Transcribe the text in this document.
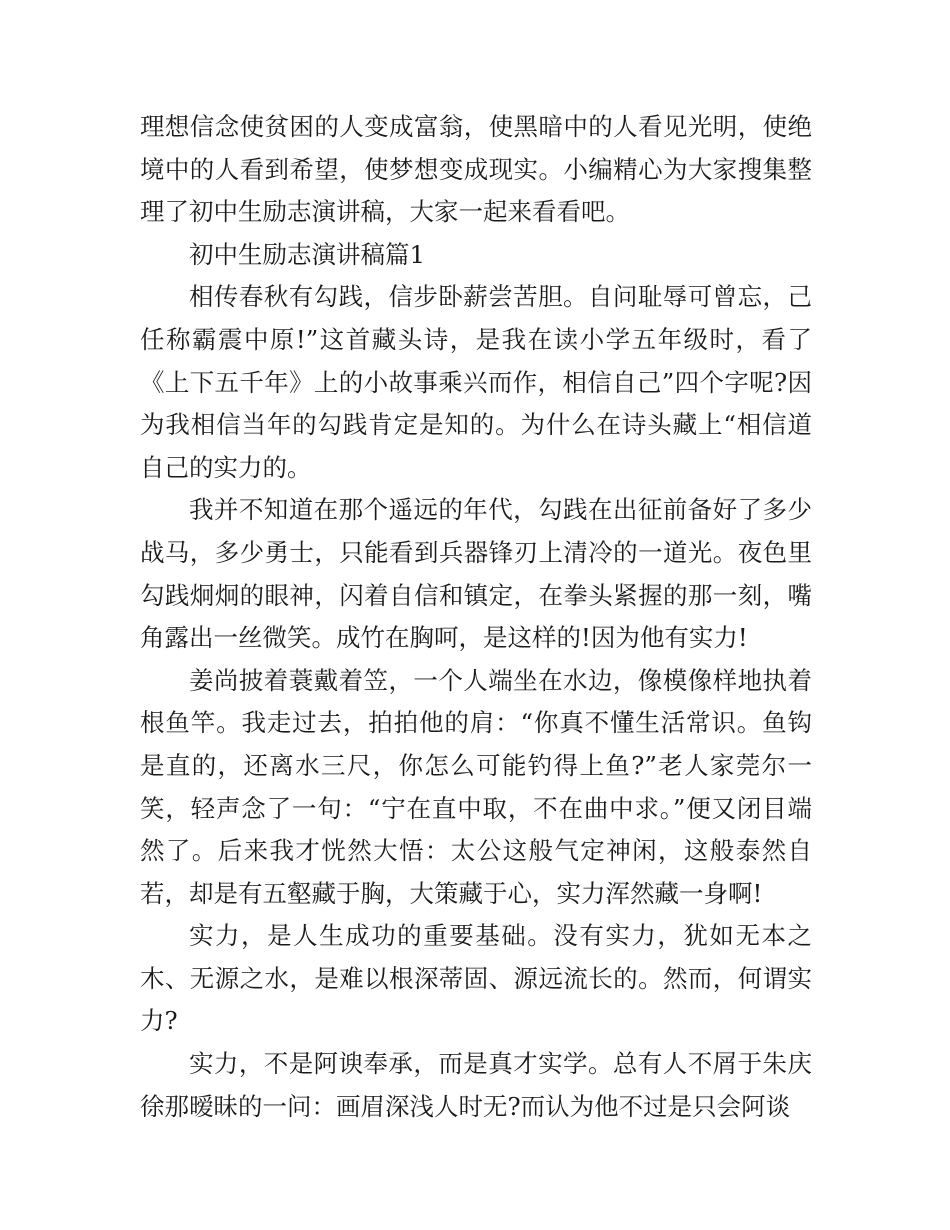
理想信念使贫困的人变成富翁，使黑暗中的人看见光明，使绝境中的人看到希望，使梦想变成现实。小编精心为大家搜集整理了初中生励志演讲稿，大家一起来看看吧。

初中生励志演讲稿篇1

相传春秋有勾践，信步卧薪尝苦胆。自问耻辱可曾忘，己任称霸震中原!”这首藏头诗，是我在读小学五年级时，看了《上下五千年》上的小故事乘兴而作，相信自己”四个字呢?因为我相信当年的勾践肯定是知的。为什么在诗头藏上“相信道自己的实力的。

我并不知道在那个遥远的年代，勾践在出征前备好了多少战马，多少勇士，只能看到兵器锋刃上清冷的一道光。夜色里勾践炯炯的眼神，闪着自信和镇定，在拳头紧握的那一刻，嘴角露出一丝微笑。成竹在胸呵，是这样的!因为他有实力!

姜尚披着蓑戴着笠，一个人端坐在水边，像模像样地执着根鱼竿。我走过去，拍拍他的肩：“你真不懂生活常识。鱼钩是直的，还离水三尺，你怎么可能钓得上鱼?”老人家莞尔一笑，轻声念了一句：“宁在直中取，不在曲中求。”便又闭目端然了。后来我才恍然大悟：太公这般气定神闲，这般泰然自若，却是有五壑藏于胸，大策藏于心，实力浑然藏一身啊!

实力，是人生成功的重要基础。没有实力，犹如无本之木、无源之水，是难以根深蒂固、源远流长的。然而，何谓实力?

实力，不是阿谀奉承，而是真才实学。总有人不屑于朱庆徐那暧昧的一问：画眉深浅人时无?而认为他不过是只会阿谈
